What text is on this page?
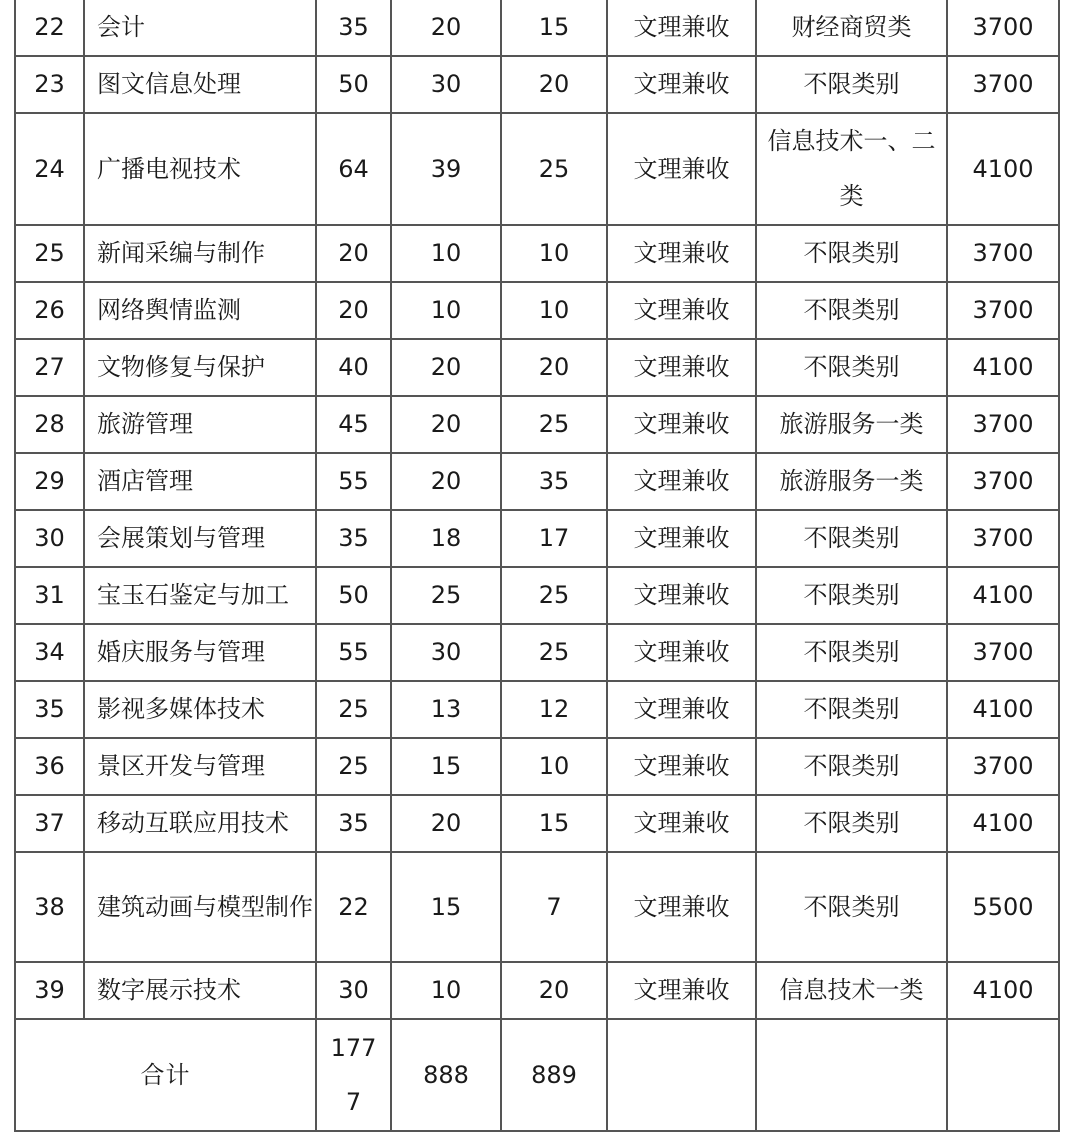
22	会计	35	20	15	文理兼收	财经商贸类	3700
23	图文信息处理	50	30	20	文理兼收	不限类别	3700
24	广播电视技术	64	39	25	文理兼收	信息技术一、二类	4100
25	新闻采编与制作	20	10	10	文理兼收	不限类别	3700
26	网络舆情监测	20	10	10	文理兼收	不限类别	3700
27	文物修复与保护	40	20	20	文理兼收	不限类别	4100
28	旅游管理	45	20	25	文理兼收	旅游服务一类	3700
29	酒店管理	55	20	35	文理兼收	旅游服务一类	3700
30	会展策划与管理	35	18	17	文理兼收	不限类别	3700
31	宝玉石鉴定与加工	50	25	25	文理兼收	不限类别	4100
34	婚庆服务与管理	55	30	25	文理兼收	不限类别	3700
35	影视多媒体技术	25	13	12	文理兼收	不限类别	4100
36	景区开发与管理	25	15	10	文理兼收	不限类别	3700
37	移动互联应用技术	35	20	15	文理兼收	不限类别	4100
38	建筑动画与模型制作	22	15	7	文理兼收	不限类别	5500
39	数字展示技术	30	10	20	文理兼收	信息技术一类	4100
合计		1777	888	889			
